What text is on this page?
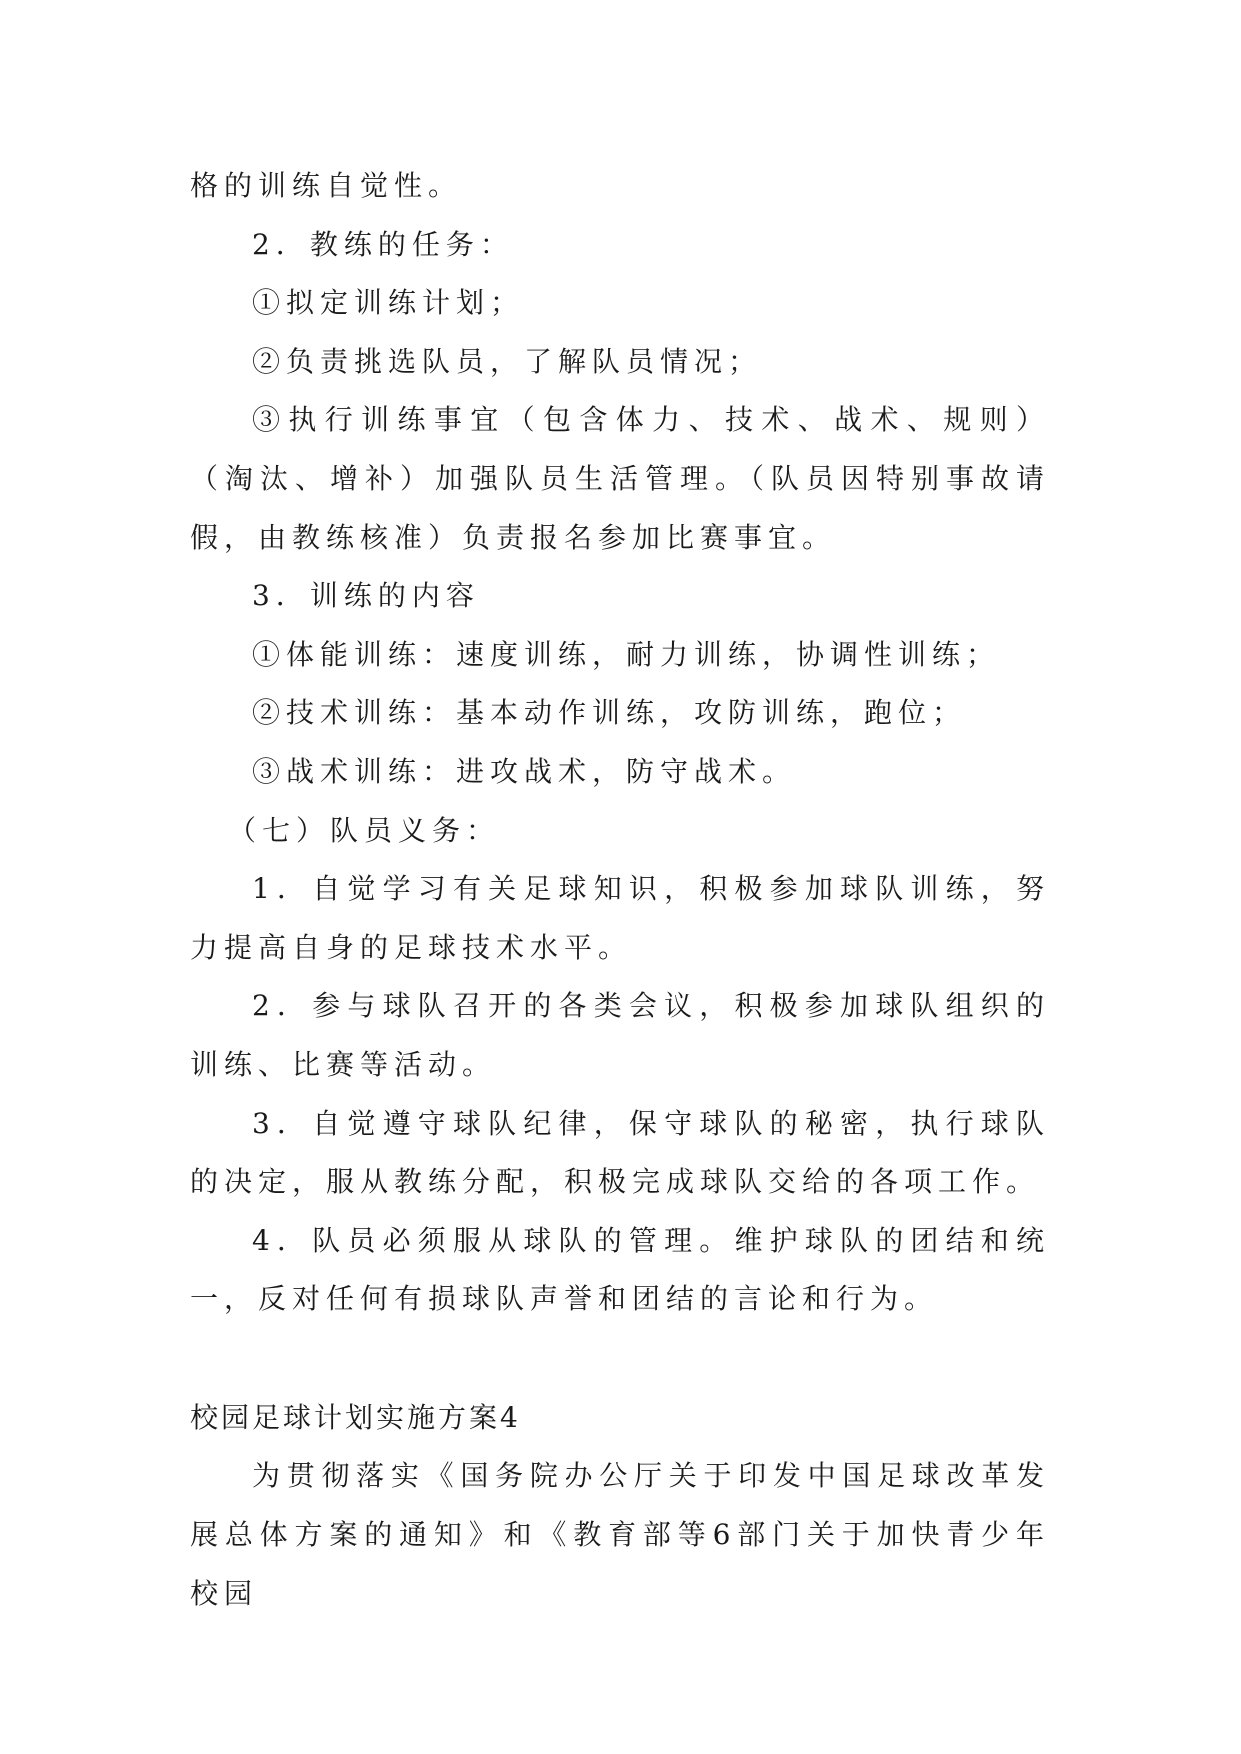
格的训练自觉性。

2．教练的任务：

①拟定训练计划；

②负责挑选队员，了解队员情况；

③执行训练事宜（包含体力、技术、战术、规则）（淘汰、增补）加强队员生活管理。（队员因特别事故请假，由教练核准）负责报名参加比赛事宜。

3．训练的内容

①体能训练：速度训练，耐力训练，协调性训练；

②技术训练：基本动作训练，攻防训练，跑位；

③战术训练：进攻战术，防守战术。

（七）队员义务：

1．自觉学习有关足球知识，积极参加球队训练，努力提高自身的足球技术水平。

2．参与球队召开的各类会议，积极参加球队组织的训练、比赛等活动。

3．自觉遵守球队纪律，保守球队的秘密，执行球队的决定，服从教练分配，积极完成球队交给的各项工作。

4．队员必须服从球队的管理。维护球队的团结和统一，反对任何有损球队声誉和团结的言论和行为。

校园足球计划实施方案4

为贯彻落实《国务院办公厅关于印发中国足球改革发展总体方案的通知》和《教育部等6部门关于加快青少年校园
